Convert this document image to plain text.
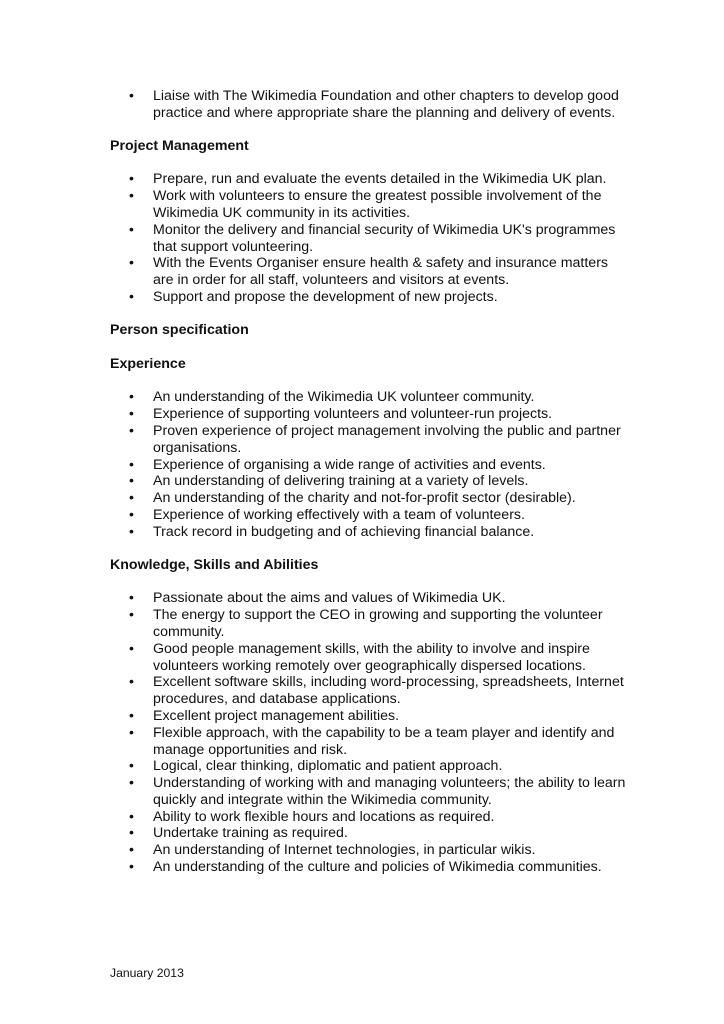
• Liaise with The Wikimedia Foundation and other chapters to develop good practice and where appropriate share the planning and delivery of events.
Project Management
• Prepare, run and evaluate the events detailed in the Wikimedia UK plan.
• Work with volunteers to ensure the greatest possible involvement of the Wikimedia UK community in its activities.
• Monitor the delivery and financial security of Wikimedia UK's programmes that support volunteering.
• With the Events Organiser ensure health & safety and insurance matters are in order for all staff, volunteers and visitors at events.
• Support and propose the development of new projects.
Person specification
Experience
• An understanding of the Wikimedia UK volunteer community.
• Experience of supporting volunteers and volunteer-run projects.
• Proven experience of project management involving the public and partner organisations.
• Experience of organising a wide range of activities and events.
• An understanding of delivering training at a variety of levels.
• An understanding of the charity and not-for-profit sector (desirable).
• Experience of working effectively with a team of volunteers.
• Track record in budgeting and of achieving financial balance.
Knowledge, Skills and Abilities
• Passionate about the aims and values of Wikimedia UK.
• The energy to support the CEO in growing and supporting the volunteer community.
• Good people management skills, with the ability to involve and inspire volunteers working remotely over geographically dispersed locations.
• Excellent software skills, including word-processing, spreadsheets, Internet procedures, and database applications.
• Excellent project management abilities.
• Flexible approach, with the capability to be a team player and identify and manage opportunities and risk.
• Logical, clear thinking, diplomatic and patient approach.
• Understanding of working with and managing volunteers; the ability to learn quickly and integrate within the Wikimedia community.
• Ability to work flexible hours and locations as required.
• Undertake training as required.
• An understanding of Internet technologies, in particular wikis.
• An understanding of the culture and policies of Wikimedia communities.
January 2013
